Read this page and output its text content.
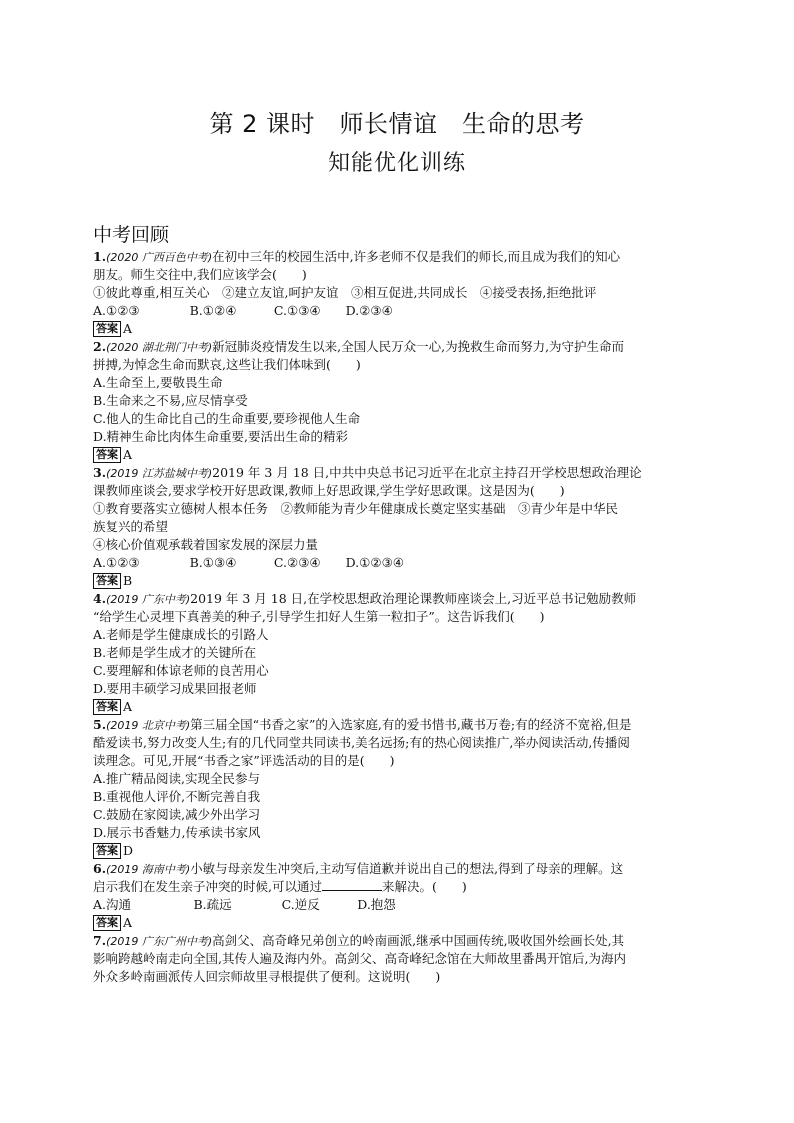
第 2 课时　师长情谊　生命的思考
知能优化训练
中考回顾
1.(2020 广西百色中考)在初中三年的校园生活中,许多老师不仅是我们的师长,而且成为我们的知心
朋友。师生交往中,我们应该学会(　　)
①彼此尊重,相互关心　②建立友谊,呵护友谊　③相互促进,共同成长　④接受表扬,拒绝批评
A.①②③　　　　B.①②④　　　C.①③④　　D.②③④
答案 A
2.(2020 湖北荆门中考)新冠肺炎疫情发生以来,全国人民万众一心,为挽救生命而努力,为守护生命而
拼搏,为悼念生命而默哀,这些让我们体味到(　　)
A.生命至上,要敬畏生命
B.生命来之不易,应尽情享受
C.他人的生命比自己的生命重要,要珍视他人生命
D.精神生命比肉体生命重要,要活出生命的精彩
答案 A
3.(2019 江苏盐城中考)2019 年 3 月 18 日,中共中央总书记习近平在北京主持召开学校思想政治理论
课教师座谈会,要求学校开好思政课,教师上好思政课,学生学好思政课。这是因为(　　)
①教育要落实立德树人根本任务　②教师能为青少年健康成长奠定坚实基础　③青少年是中华民
族复兴的希望
④核心价值观承载着国家发展的深层力量
A.①②③　　　　B.①③④　　　C.②③④　　D.①②③④
答案 B
4.(2019 广东中考)2019 年 3 月 18 日,在学校思想政治理论课教师座谈会上,习近平总书记勉励教师
“给学生心灵埋下真善美的种子,引导学生扣好人生第一粒扣子”。这告诉我们(　　)
A.老师是学生健康成长的引路人
B.老师是学生成才的关键所在
C.要理解和体谅老师的良苦用心
D.要用丰硕学习成果回报老师
答案 A
5.(2019 北京中考)第三届全国“书香之家”的入选家庭,有的爱书惜书,藏书万卷;有的经济不宽裕,但是
酷爱读书,努力改变人生;有的几代同堂共同读书,美名远扬;有的热心阅读推广,举办阅读活动,传播阅
读理念。可见,开展“书香之家”评选活动的目的是(　　)
A.推广精品阅读,实现全民参与
B.重视他人评价,不断完善自我
C.鼓励在家阅读,减少外出学习
D.展示书香魅力,传承读书家风
答案 D
6.(2019 海南中考)小敏与母亲发生冲突后,主动写信道歉并说出自己的想法,得到了母亲的理解。这
启示我们在发生亲子冲突的时候,可以通过	来解决。(　　)
A.沟通　　　　　B.疏远　　　　C.逆反　　　D.抱怨
答案 A
7.(2019 广东广州中考)高剑父、高奇峰兄弟创立的岭南画派,继承中国画传统,吸收国外绘画长处,其
影响跨越岭南走向全国,其传人遍及海内外。高剑父、高奇峰纪念馆在大师故里番禺开馆后,为海内
外众多岭南画派传人回宗师故里寻根提供了便利。这说明(　　)
